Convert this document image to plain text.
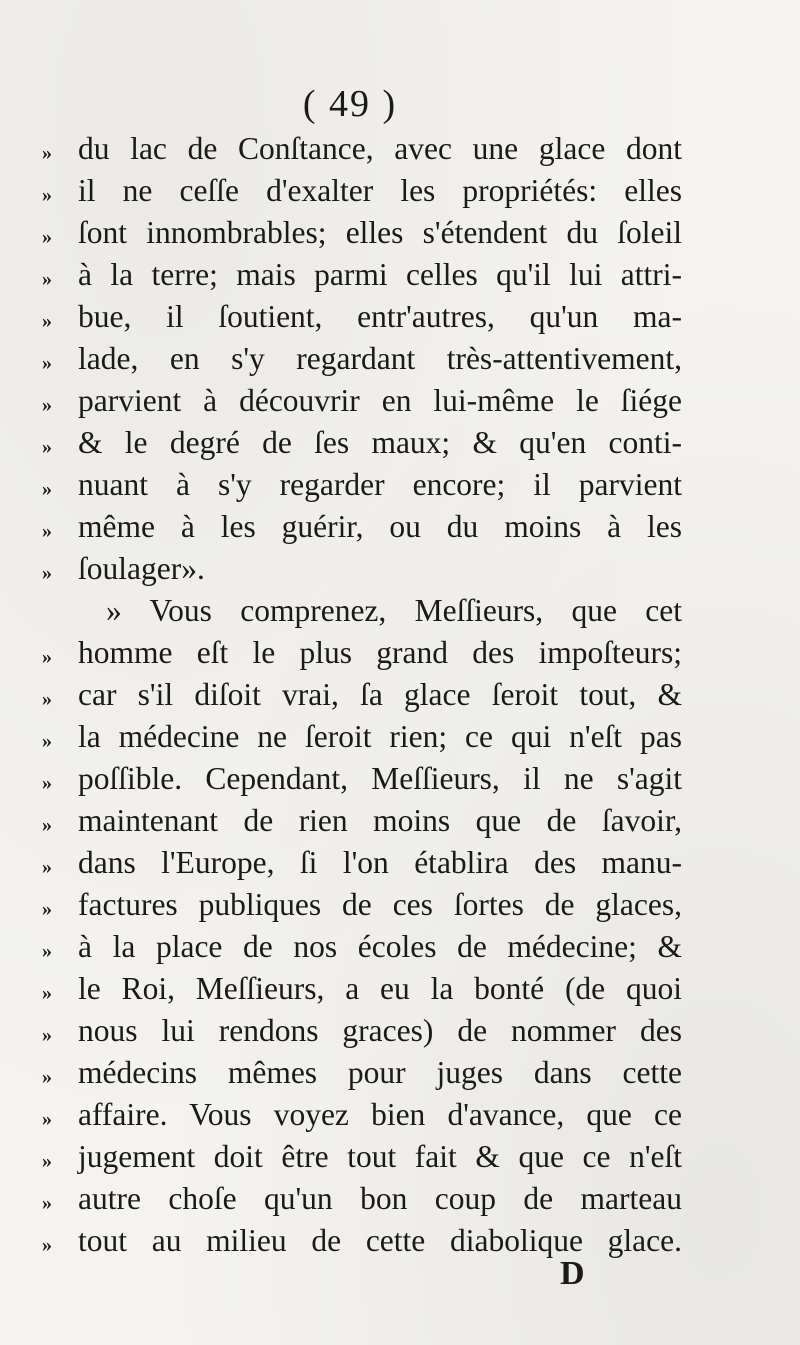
( 49 )
» du lac de Conſtance, avec une glace dont
» il ne ceſſe d'exalter les propriétés: elles
» ſont innombrables; elles s'étendent du ſoleil
» à la terre; mais parmi celles qu'il lui attri-
» bue, il ſoutient, entr'autres, qu'un ma-
» lade, en s'y regardant très-attentivement,
» parvient à découvrir en lui-même le ſiége
» & le degré de ſes maux; & qu'en conti-
» nuant à s'y regarder encore; il parvient
» même à les guérir, ou du moins à les
» ſoulager».
» Vous comprenez, Meſſieurs, que cet
» homme eſt le plus grand des impoſteurs;
» car s'il diſoit vrai, ſa glace ſeroit tout, &
» la médecine ne ſeroit rien; ce qui n'eſt pas
» poſſible. Cependant, Meſſieurs, il ne s'agit
» maintenant de rien moins que de ſavoir,
» dans l'Europe, ſi l'on établira des manu-
» factures publiques de ces ſortes de glaces,
» à la place de nos écoles de médecine; &
» le Roi, Meſſieurs, a eu la bonté (de quoi
» nous lui rendons graces) de nommer des
» médecins mêmes pour juges dans cette
» affaire. Vous voyez bien d'avance, que ce
» jugement doit être tout fait & que ce n'eſt
» autre choſe qu'un bon coup de marteau
» tout au milieu de cette diabolique glace.
D
